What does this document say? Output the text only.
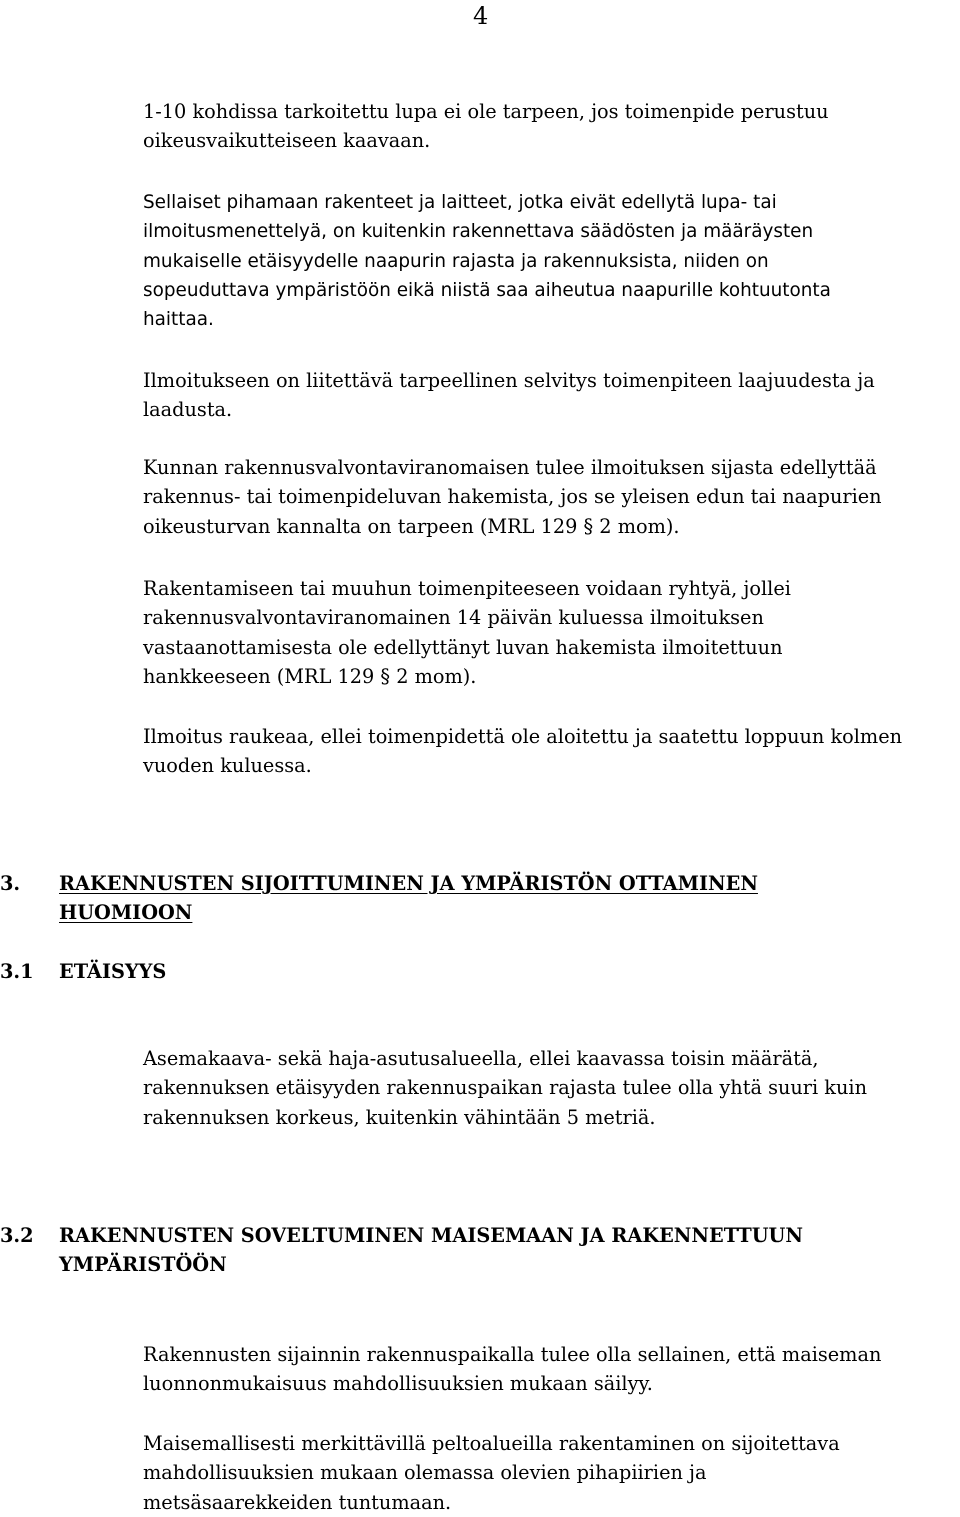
4

1-10 kohdissa tarkoitettu lupa ei ole tarpeen, jos toimenpide perustuu
oikeusvaikutteiseen kaavaan.

Sellaiset pihamaan rakenteet ja laitteet, jotka eivät edellytä lupa- tai
ilmoitusmenettelyä, on kuitenkin rakennettava säädösten ja määräysten
mukaiselle etäisyydelle naapurin rajasta ja rakennuksista, niiden on
sopeuduttava ympäristöön eikä niistä saa aiheutua naapurille kohtuutonta
haittaa.

Ilmoitukseen on liitettävä tarpeellinen selvitys toimenpiteen laajuudesta ja
laadusta.

Kunnan rakennusvalvontaviranomaisen tulee ilmoituksen sijasta edellyttää
rakennus- tai toimenpideluvan hakemista, jos se yleisen edun tai naapurien
oikeusturvan kannalta on tarpeen (MRL 129 § 2 mom).

Rakentamiseen tai muuhun toimenpiteeseen voidaan ryhtyä, jollei
rakennusvalvontaviranomainen 14 päivän kuluessa ilmoituksen
vastaanottamisesta ole edellyttänyt luvan hakemista ilmoitettuun
hankkeeseen (MRL 129 § 2 mom).

Ilmoitus raukeaa, ellei toimenpidettä ole aloitettu ja saatettu loppuun kolmen
vuoden kuluessa.

3. RAKENNUSTEN SIJOITTUMINEN JA YMPÄRISTÖN OTTAMINEN
HUOMIOON
3.1 ETÄISYYS

Asemakaava- sekä haja-asutusalueella, ellei kaavassa toisin määrätä,
rakennuksen etäisyyden rakennuspaikan rajasta tulee olla yhtä suuri kuin
rakennuksen korkeus, kuitenkin vähintään 5 metriä.

3.2 RAKENNUSTEN SOVELTUMINEN MAISEMAAN JA RAKENNETTUUN
YMPÄRISTÖÖN

Rakennusten sijainnin rakennuspaikalla tulee olla sellainen, että maiseman
luonnonmukaisuus mahdollisuuksien mukaan säilyy.

Maisemallisesti merkittävillä peltoalueilla rakentaminen on sijoitettava
mahdollisuuksien mukaan olemassa olevien pihapiirien ja
metsäsaarekkeiden tuntumaan.
